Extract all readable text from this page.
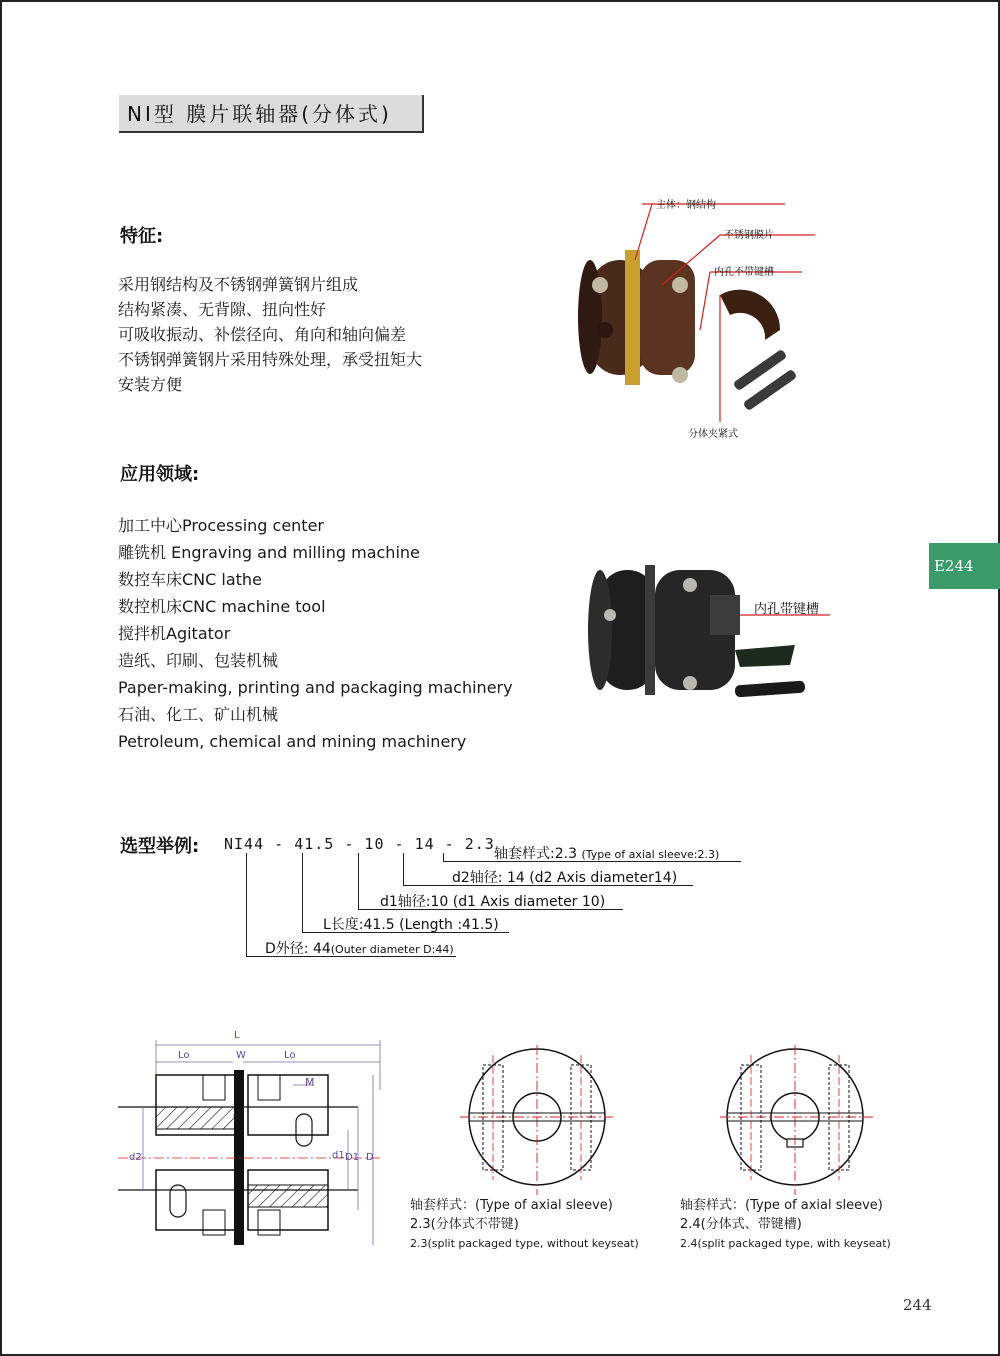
NI型 膜片联轴器(分体式)
特征:
采用钢结构及不锈钢弹簧钢片组成
结构紧凑、无背隙、扭向性好
可吸收振动、补偿径向、角向和轴向偏差
不锈钢弹簧钢片采用特殊处理，承受扭矩大
安装方便
主体：钢结构
不锈钢膜片
内孔不带键槽
分体夹紧式
应用领域:
加工中心Processing center
雕铣机 Engraving and milling machine
数控车床CNC lathe
数控机床CNC machine tool
搅拌机Agitator
造纸、印刷、包装机械
Paper-making, printing and packaging machinery
石油、化工、矿山机械
Petroleum, chemical and mining machinery
内孔带键槽
E244
选型举例: NI44 - 41.5 - 10 - 14 - 2.3
轴套样式:2.3 (Type of axial sleeve:2.3)
d2轴径: 14 (d2 Axis diameter14)
d1轴径:10 (d1 Axis diameter 10)
L长度:41.5 (Length :41.5)
D外径: 44(Outer diameter D:44)
L
Lo	W	Lo
M
d2	d1 D1 D
轴套样式：(Type of axial sleeve)
2.3(分体式不带键)
2.3(split packaged type, without keyseat)
轴套样式：(Type of axial sleeve)
2.4(分体式、带键槽)
2.4(split packaged type, with keyseat)
244
